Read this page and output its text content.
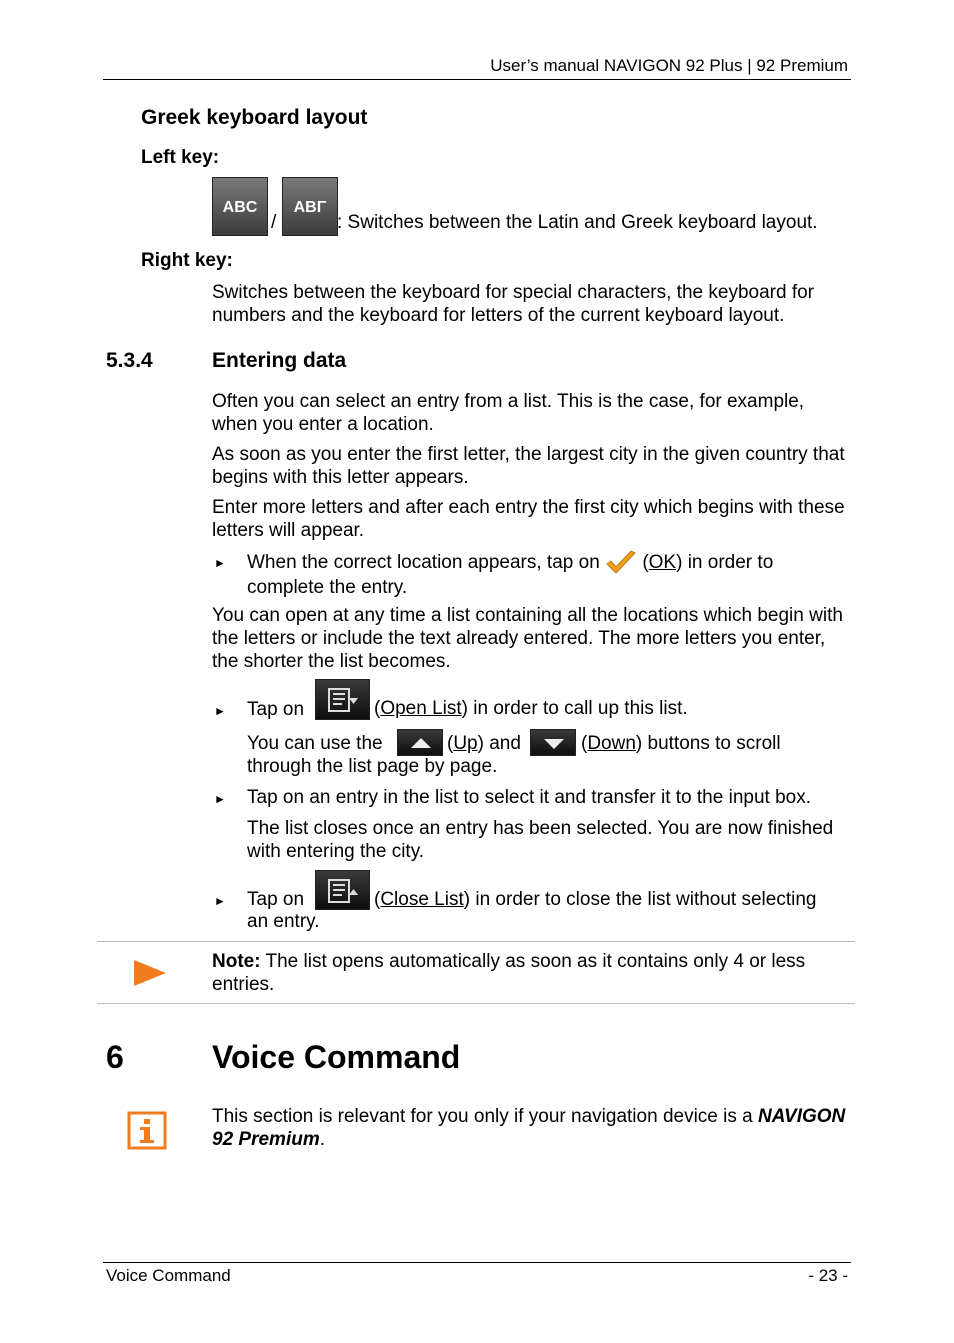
User’s manual NAVIGON 92 Plus | 92 Premium
Greek keyboard layout
Left key:
ABC
/
ΑΒΓ
: Switches between the Latin and Greek keyboard layout.
Right key:
Switches between the keyboard for special characters, the keyboard for numbers and the keyboard for letters of the current keyboard layout.
5.3.4	Entering data
Often you can select an entry from a list. This is the case, for example, when you enter a location.
As soon as you enter the first letter, the largest city in the given country that begins with this letter appears.
Enter more letters and after each entry the first city which begins with these letters will appear.
► When the correct location appears, tap on  (OK) in order to complete the entry.
You can open at any time a list containing all the locations which begin with the letters or include the text already entered. The more letters you enter, the shorter the list becomes.
► Tap on	(Open List) in order to call up this list.
You can use the	(Up) and	(Down) buttons to scroll
► Tap on an entry in the list to select it and transfer it to the input box.
The list closes once an entry has been selected. You are now finished with entering the city.
► Tap on	(Close List) in order to close the list without selecting
Note: The list opens automatically as soon as it contains only 4 or less entries.
6	Voice Command
This section is relevant for you only if your navigation device is a NAVIGON 92 Premium.
Voice Command	- 23 -
through the list page by page.
an entry.
